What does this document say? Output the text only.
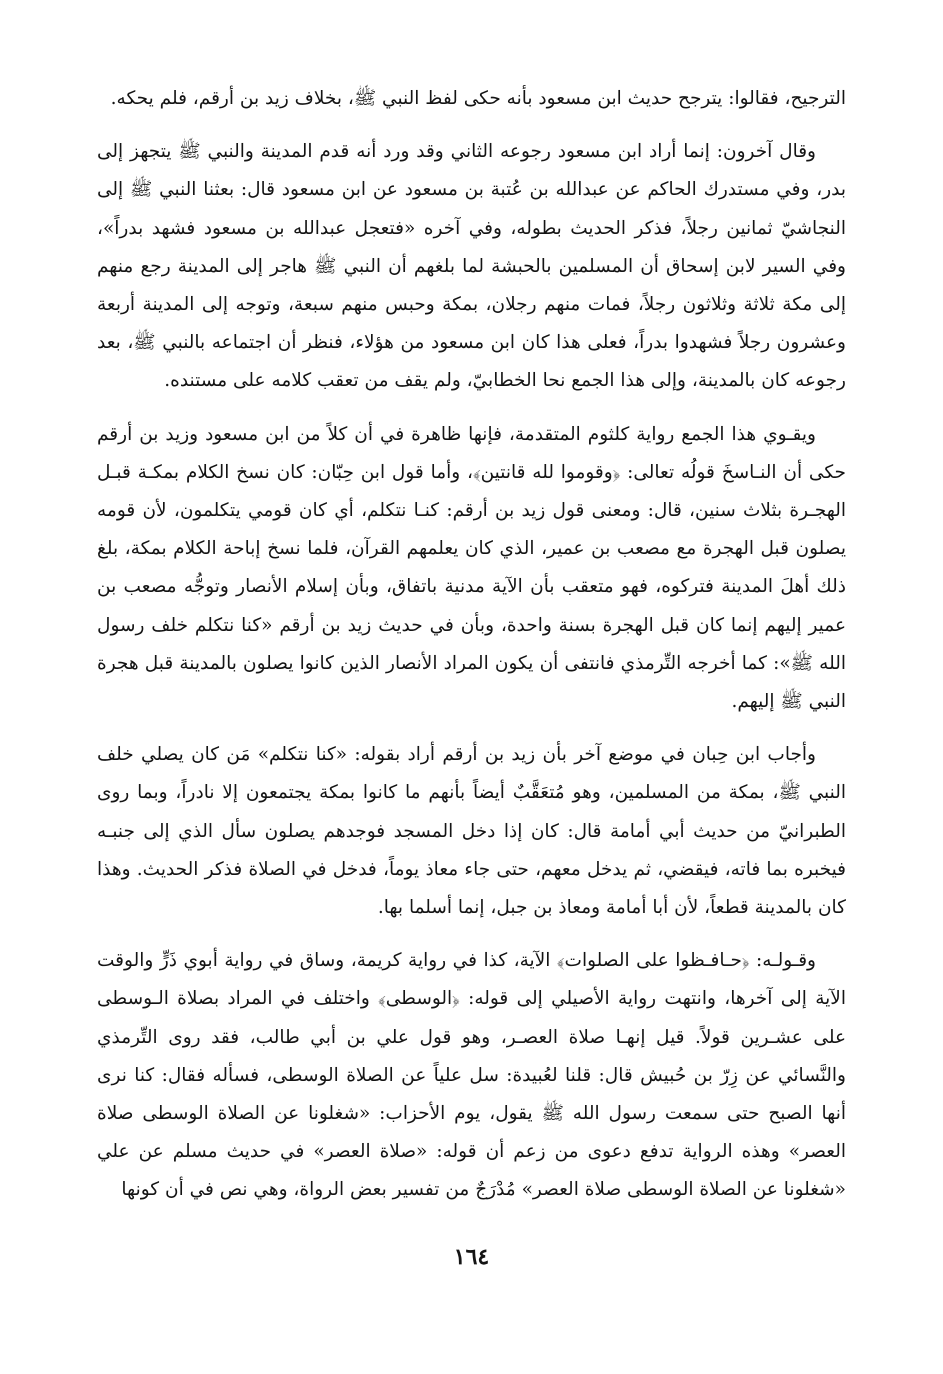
الترجيح، فقالوا: يترجح حديث ابن مسعود بأنه حكى لفظ النبي ﷺ، بخلاف زيد بن أرقم، فلم يحكه.

وقال آخرون: إنما أراد ابن مسعود رجوعه الثاني وقد ورد أنه قدم المدينة والنبي ﷺ يتجهز إلى بدر، وفي مستدرك الحاكم عن عبدالله بن عُتبة بن مسعود عن ابن مسعود قال: بعثنا النبي ﷺ إلى النجاشيّ ثمانين رجلاً، فذكر الحديث بطوله، وفي آخره «فتعجل عبدالله بن مسعود فشهد بدراً»، وفي السير لابن إسحاق أن المسلمين بالحبشة لما بلغهم أن النبي ﷺ هاجر إلى المدينة رجع منهم إلى مكة ثلاثة وثلاثون رجلاً، فمات منهم رجلان، بمكة وحبس منهم سبعة، وتوجه إلى المدينة أربعة وعشرون رجلاً فشهدوا بدراً، فعلى هذا كان ابن مسعود من هؤلاء، فنظر أن اجتماعه بالنبي ﷺ، بعد رجوعه كان بالمدينة، وإلى هذا الجمع نحا الخطابيّ، ولم يقف من تعقب كلامه على مستنده.

ويقـوي هذا الجمع رواية كلثوم المتقدمة، فإنها ظاهرة في أن كلاً من ابن مسعود وزيد بن أرقم حكى أن النـاسخَ قولُه تعالى: ﴿وقوموا لله قانتين﴾، وأما قول ابن حِبّان: كان نسخ الكلام بمكـة قبـل الهجـرة بثلاث سنين، قال: ومعنى قول زيد بن أرقم: كنـا نتكلم، أي كان قومي يتكلمون، لأن قومه يصلون قبل الهجرة مع مصعب بن عمير، الذي كان يعلمهم القرآن، فلما نسخ إباحة الكلام بمكة، بلغ ذلك أهلَ المدينة فتركوه، فهو متعقب بأن الآية مدنية باتفاق، وبأن إسلام الأنصار وتوجُّه مصعب بن عمير إليهم إنما كان قبل الهجرة بسنة واحدة، وبأن في حديث زيد بن أرقم «كنا نتكلم خلف رسول الله ﷺ»: كما أخرجه التِّرمذي فانتفى أن يكون المراد الأنصار الذين كانوا يصلون بالمدينة قبل هجرة النبي ﷺ إليهم.

وأجاب ابن حِبان في موضع آخر بأن زيد بن أرقم أراد بقوله: «كنا نتكلم» مَن كان يصلي خلف النبي ﷺ، بمكة من المسلمين، وهو مُتعَقَّبٌ أيضاً بأنهم ما كانوا بمكة يجتمعون إلا نادراً، وبما روى الطبرانيّ من حديث أبي أمامة قال: كان إذا دخل المسجد فوجدهم يصلون سأل الذي إلى جنبـه فيخبره بما فاته، فيقضي، ثم يدخل معهم، حتى جاء معاذ يوماً، فدخل في الصلاة فذكر الحديث. وهذا كان بالمدينة قطعاً، لأن أبا أمامة ومعاذ بن جبل، إنما أسلما بها.

وقـولـه: ﴿حـافـظوا على الصلوات﴾ الآية، كذا في رواية كريمة، وساق في رواية أبوي ذَرٍّ والوقت الآية إلى آخرها، وانتهت رواية الأصيلي إلى قوله: ﴿الوسطى﴾ واختلف في المراد بصلاة الـوسطى على عشـرين قولاً. قيل إنهـا صلاة العصـر، وهو قول علي بن أبي طالب، فقد روى التِّرمذي والنَّسائي عن زِرّ بن حُبيش قال: قلنا لعُبيدة: سل علياً عن الصلاة الوسطى، فسأله فقال: كنا نرى أنها الصبح حتى سمعت رسول الله ﷺ يقول، يوم الأحزاب: «شغلونا عن الصلاة الوسطى صلاة العصر» وهذه الرواية تدفع دعوى من زعم أن قوله: «صلاة العصر» في حديث مسلم عن علي «شغلونا عن الصلاة الوسطى صلاة العصر» مُدْرَجٌ من تفسير بعض الرواة، وهي نص في أن كونها

١٦٤
